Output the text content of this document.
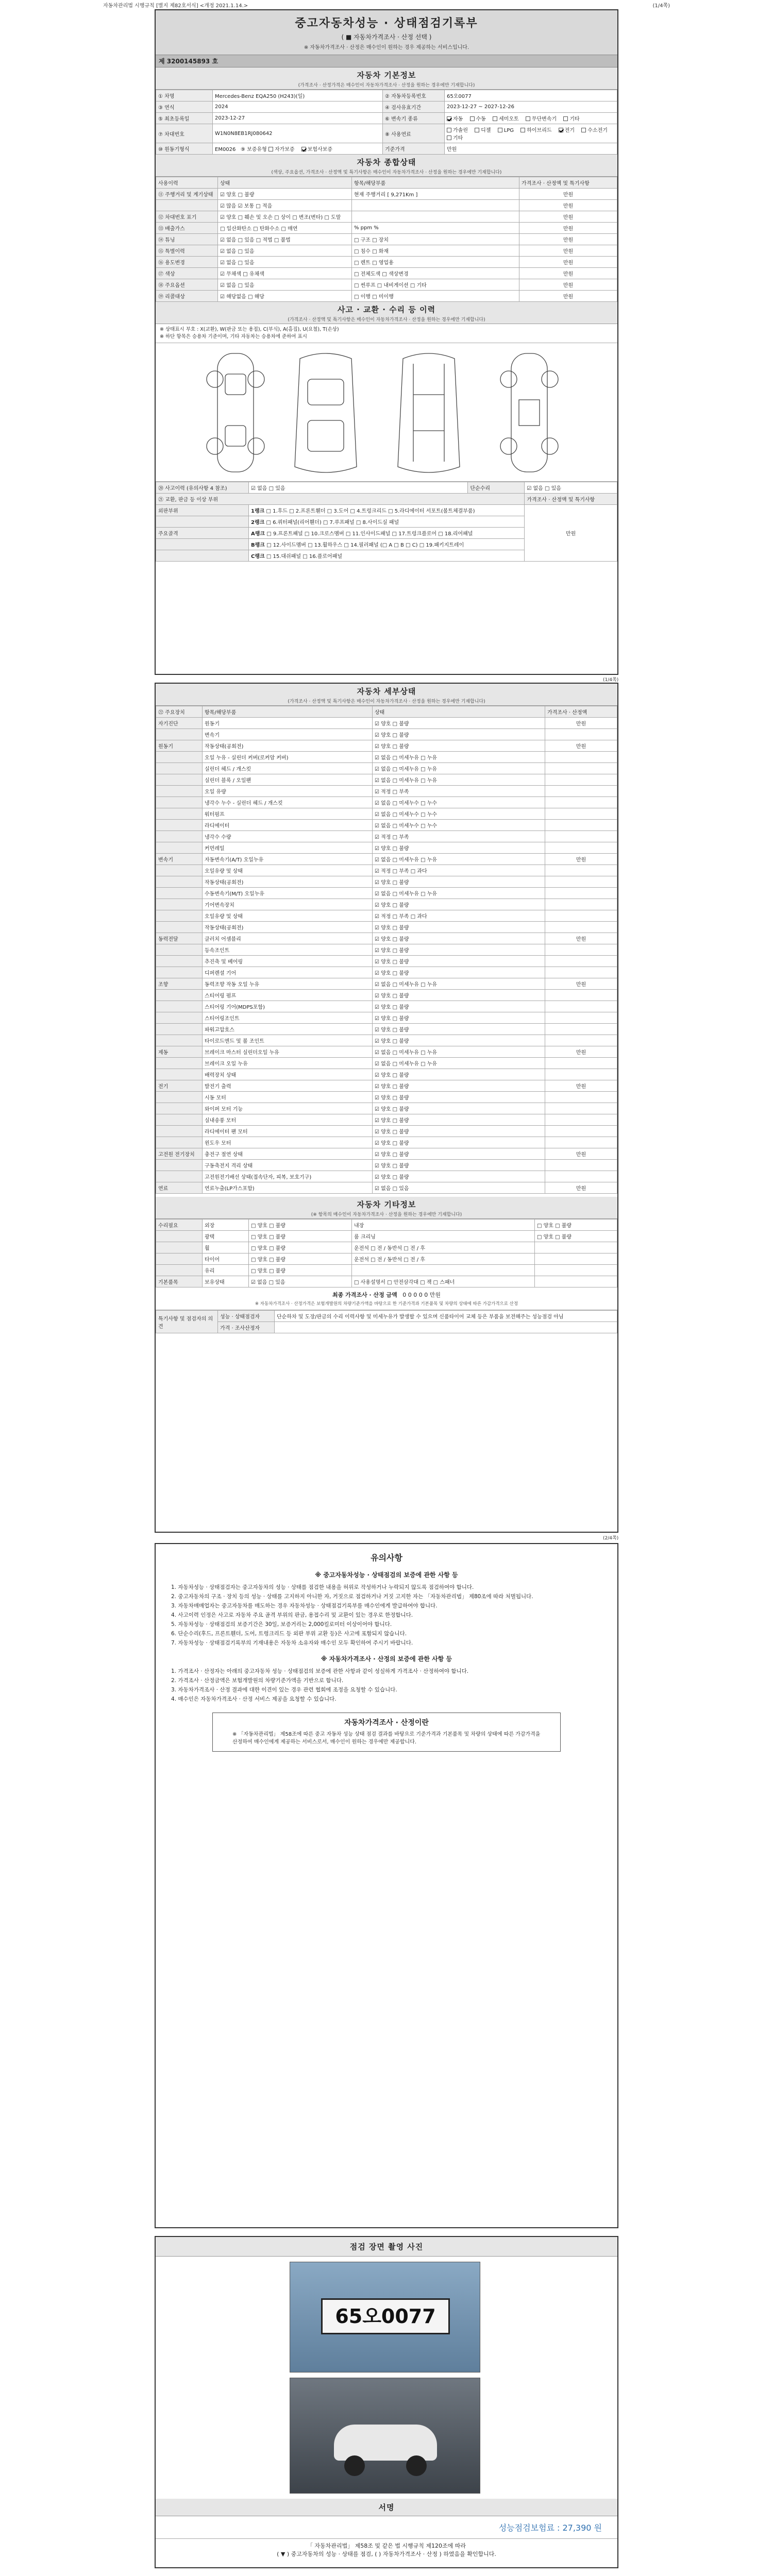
자동차관리법 시행규칙 [별지 제82호서식] <개정 2021.1.14.>	(1/4쪽)
중고자동차성능 · 상태점검기록부
( ■ 자동차가격조사 · 산정 선택 )
※ 자동차가격조사 · 산정은 매수인이 원하는 경우 제공하는 서비스입니다.
제 3200145893 호
자동차 기본정보
(가격조사 · 산정가격은 매수인이 자동차가격조사 · 산정을 원하는 경우에만 기재합니다)
① 차명	Mercedes-Benz EQA250 (H243)(일)	② 자동차등록번호	65오0077
③ 연식	2024	④ 검사유효기간	2023-12-27 ~ 2027-12-26
⑤ 최초등록일	2023-12-27	⑥ 변속기 종류	자동 수동 세미오토 무단변속기 기타
⑦ 차대번호	W1N0N8EB1RJ080642	⑧ 사용연료	가솔린 디젤 LPG 하이브리드 전기 수소전기 기타
⑩ 원동기형식	EM0026 ⑨ 보증유형 자가보증 보험사보증	기준가격	만원
자동차 종합상태
(색상, 주요옵션, 가격조사 · 산정액 및 특기사항은 매수인이 자동차가격조사 · 산정을 원하는 경우에만 기재합니다)
사용이력	상태	항목/해당부품	가격조사 · 산정액 및 특기사항
⑪ 주행거리 및 계기상태	☑ 양호 □ 불량	현재 주행거리 [ 9,271Km ]	만원
	☑ 많음 ☑ 보통 □ 적음		만원
⑫ 차대번호 표기	☑ 양호 □ 훼손 및 오손 □ 상이 □ 변조(변타) □ 도말		만원
⑬ 배출가스	□ 일산화탄소 □ 탄화수소 □ 매연	% ppm %	만원
⑭ 튜닝	☑ 없음 □ 있음 □ 적법 □ 불법	□ 구조 □ 장치	만원
⑮ 특별이력	☑ 없음 □ 있음	□ 침수 □ 화재	만원
⑯ 용도변경	☑ 없음 □ 있음	□ 렌트 □ 영업용	만원
⑰ 색상	☑ 무채색 □ 유채색	□ 전체도색 □ 색상변경	만원
⑱ 주요옵션	☑ 없음 □ 있음	□ 썬루프 □ 내비게이션 □ 기타	만원
⑲ 리콜대상	☑ 해당없음 □ 해당	□ 이행 □ 미이행	만원
사고 · 교환 · 수리 등 이력
(가격조사 · 산정액 및 특기사항은 매수인이 자동차가격조사 · 산정을 원하는 경우에만 기재합니다)
※ 상태표시 부호 : X(교환), W(판금 또는 용접), C(부식), A(흠집), U(요철), T(손상)
※ 하단 항목은 승용차 기준이며, 기타 자동차는 승용차에 준하여 표시
⑳ 사고이력 (유의사항 4 참조)	☑ 없음 □ 있음	단순수리	☑ 없음 □ 있음
㉑ 교환, 판금 등 이상 부위			가격조사 · 산정액 및 특기사항
외판부위	1랭크 □ 1.후드 □ 2.프론트휀더 □ 3.도어 □ 4.트렁크리드 □ 5.라디에이터 서포트(볼트체결부품)		만원
	2랭크 □ 6.쿼터패널(리어휀더) □ 7.루프패널 □ 8.사이드실 패널		
주요골격	A랭크 □ 9.프론트패널 □ 10.크로스멤버 □ 11.인사이드패널 □ 17.트렁크플로어 □ 18.리어패널		
	B랭크 □ 12.사이드멤버 □ 13.휠하우스 □ 14.필러패널 (□ A □ B □ C) □ 19.패키지트레이		
	C랭크 □ 15.대쉬패널 □ 16.플로어패널		
(1/4쪽)
자동차 세부상태
(가격조사 · 산정액 및 특기사항은 매수인이 자동차가격조사 · 산정을 원하는 경우에만 기재합니다)
㉒ 주요장치	항목/해당부품	상태	가격조사 · 산정액
자기진단	원동기	☑ 양호 □ 불량	만원
	변속기	☑ 양호 □ 불량	
원동기	작동상태(공회전)	☑ 양호 □ 불량	만원
	오일 누유 - 실린더 커버(로커암 커버)	☑ 없음 □ 미세누유 □ 누유	
	실린더 헤드 / 개스킷	☑ 없음 □ 미세누유 □ 누유	
	실린더 블록 / 오일팬	☑ 없음 □ 미세누유 □ 누유	
	오일 유량	☑ 적정 □ 부족	
	냉각수 누수 - 실린더 헤드 / 개스킷	☑ 없음 □ 미세누수 □ 누수	
	워터펌프	☑ 없음 □ 미세누수 □ 누수	
	라디에이터	☑ 없음 □ 미세누수 □ 누수	
	냉각수 수량	☑ 적정 □ 부족	
	커먼레일	☑ 양호 □ 불량	
변속기	자동변속기(A/T) 오일누유	☑ 없음 □ 미세누유 □ 누유	만원
	오일유량 및 상태	☑ 적정 □ 부족 □ 과다	
	작동상태(공회전)	☑ 양호 □ 불량	
	수동변속기(M/T) 오일누유	☑ 없음 □ 미세누유 □ 누유	
	기어변속장치	☑ 양호 □ 불량	
	오일유량 및 상태	☑ 적정 □ 부족 □ 과다	
	작동상태(공회전)	☑ 양호 □ 불량	
동력전달	클러치 어셈블리	☑ 양호 □ 불량	만원
	등속조인트	☑ 양호 □ 불량	
	추진축 및 베어링	☑ 양호 □ 불량	
	디퍼렌셜 기어	☑ 양호 □ 불량	
조향	동력조향 작동 오일 누유	☑ 없음 □ 미세누유 □ 누유	만원
	스티어링 펌프	☑ 양호 □ 불량	
	스티어링 기어(MDPS포함)	☑ 양호 □ 불량	
	스티어링조인트	☑ 양호 □ 불량	
	파워고압호스	☑ 양호 □ 불량	
	타이로드엔드 및 볼 조인트	☑ 양호 □ 불량	
제동	브레이크 마스터 실린더오일 누유	☑ 없음 □ 미세누유 □ 누유	만원
	브레이크 오일 누유	☑ 없음 □ 미세누유 □ 누유	
	배력장치 상태	☑ 양호 □ 불량	
전기	발전기 출력	☑ 양호 □ 불량	만원
	시동 모터	☑ 양호 □ 불량	
	와이퍼 모터 기능	☑ 양호 □ 불량	
	실내송풍 모터	☑ 양호 □ 불량	
	라디에이터 팬 모터	☑ 양호 □ 불량	
	윈도우 모터	☑ 양호 □ 불량	
고전원 전기장치	충전구 절연 상태	☑ 양호 □ 불량	만원
	구동축전지 격리 상태	☑ 양호 □ 불량	
	고전원전기배선 상태(접속단자, 피복, 보호기구)	☑ 양호 □ 불량	
연료	연료누출(LP가스포함)	☑ 없음 □ 있음	만원
자동차 기타정보
(※ 항목의 매수인이 자동차가격조사 · 산정을 원하는 경우에만 기재합니다)
수리필요	외장	□ 양호 □ 불량	내장	□ 양호 □ 불량
	광택	□ 양호 □ 불량	룸 크리닝	□ 양호 □ 불량
	휠	□ 양호 □ 불량	운전석 □ 전 / 동반석 □ 전 / 후	
	타이어	□ 양호 □ 불량	운전석 □ 전 / 동반석 □ 전 / 후	
	유리	□ 양호 □ 불량		
기본품목	보유상태	☑ 없음 □ 있음	□ 사용설명서 □ 안전삼각대 □ 잭 □ 스패너	
최종 가격조사 · 산정 금액 0 0 0 0 0 만원
※ 자동차가격조사 · 산정가격은 보험개발원의 차량기준가액을 바탕으로 한 기준가격과 기본품목 및 차량의 상태에 따른 가감가격으로 산정
특기사항 및 점검자의 의견	성능 · 상태점검자	단순하차 및 도장/판금의 수리 이력사항 및 미세누유가 발생할 수 있으며 신품타이어 교체 등은 부품을 보전해주는 성능점검 아님
	가격 · 조사산정자	
(2/4쪽)
유의사항
※ 중고자동차성능 · 상태점검의 보증에 관한 사항 등

1. 자동차성능 · 상태점검자는 중고자동차의 성능 · 상태를 점검한 내용을 허위로 작성하거나 누락되지 않도록 점검하여야 합니다.

2. 중고자동차의 구조 · 장치 등의 성능 · 상태를 고지하지 아니한 자, 거짓으로 점검하거나 거짓 고지한 자는 「자동차관리법」 제80조에 따라 처벌됩니다.

3. 자동차매매업자는 중고자동차를 매도하는 경우 자동차성능 · 상태점검기록부를 매수인에게 발급하여야 합니다.

4. 사고이력 인정은 사고로 자동차 주요 골격 부위의 판금, 용접수리 및 교환이 있는 경우로 한정합니다.

5. 자동차성능 · 상태점검의 보증기간은 30일, 보증거리는 2,000킬로미터 이상이어야 합니다.

6. 단순수리(후드, 프론트휀더, 도어, 트렁크리드 등 외판 부위 교환 등)은 사고에 포함되지 않습니다.

7. 자동차성능 · 상태점검기록부의 기재내용은 자동차 소유자와 매수인 모두 확인하여 주시기 바랍니다.

※ 자동차가격조사 · 산정의 보증에 관한 사항 등

1. 가격조사 · 산정자는 아래의 중고자동차 성능 · 상태점검의 보증에 관한 사항과 같이 성실하게 가격조사 · 산정하여야 합니다.

2. 가격조사 · 산정금액은 보험개발원의 차량기준가액을 기반으로 합니다.

3. 자동차가격조사 · 산정 결과에 대한 이견이 있는 경우 관련 협회에 조정을 요청할 수 있습니다.

4. 매수인은 자동차가격조사 · 산정 서비스 제공을 요청할 수 있습니다.

자동차가격조사 · 산정이란

※ 「자동차관리법」 제58조에 따른 중고 자동차 성능 상태 점검 결과를 바탕으로 기준가격과 기본품목 및 차량의 상태에 따른 가감가격을 산정하여 매수인에게 제공하는 서비스로서, 매수인이 원하는 경우에만 제공합니다.

점검 장면 촬영 사진
65오0077
서명
성능점검보험료 : 27,390 원
「 자동차관리법」 제58조 및 같은 법 시행규칙 제120조에 따라
( ▼ ) 중고자동차의 성능 · 상태를 점검, ( ) 자동차가격조사 · 산정 ) 하였음을 확인합니다.
